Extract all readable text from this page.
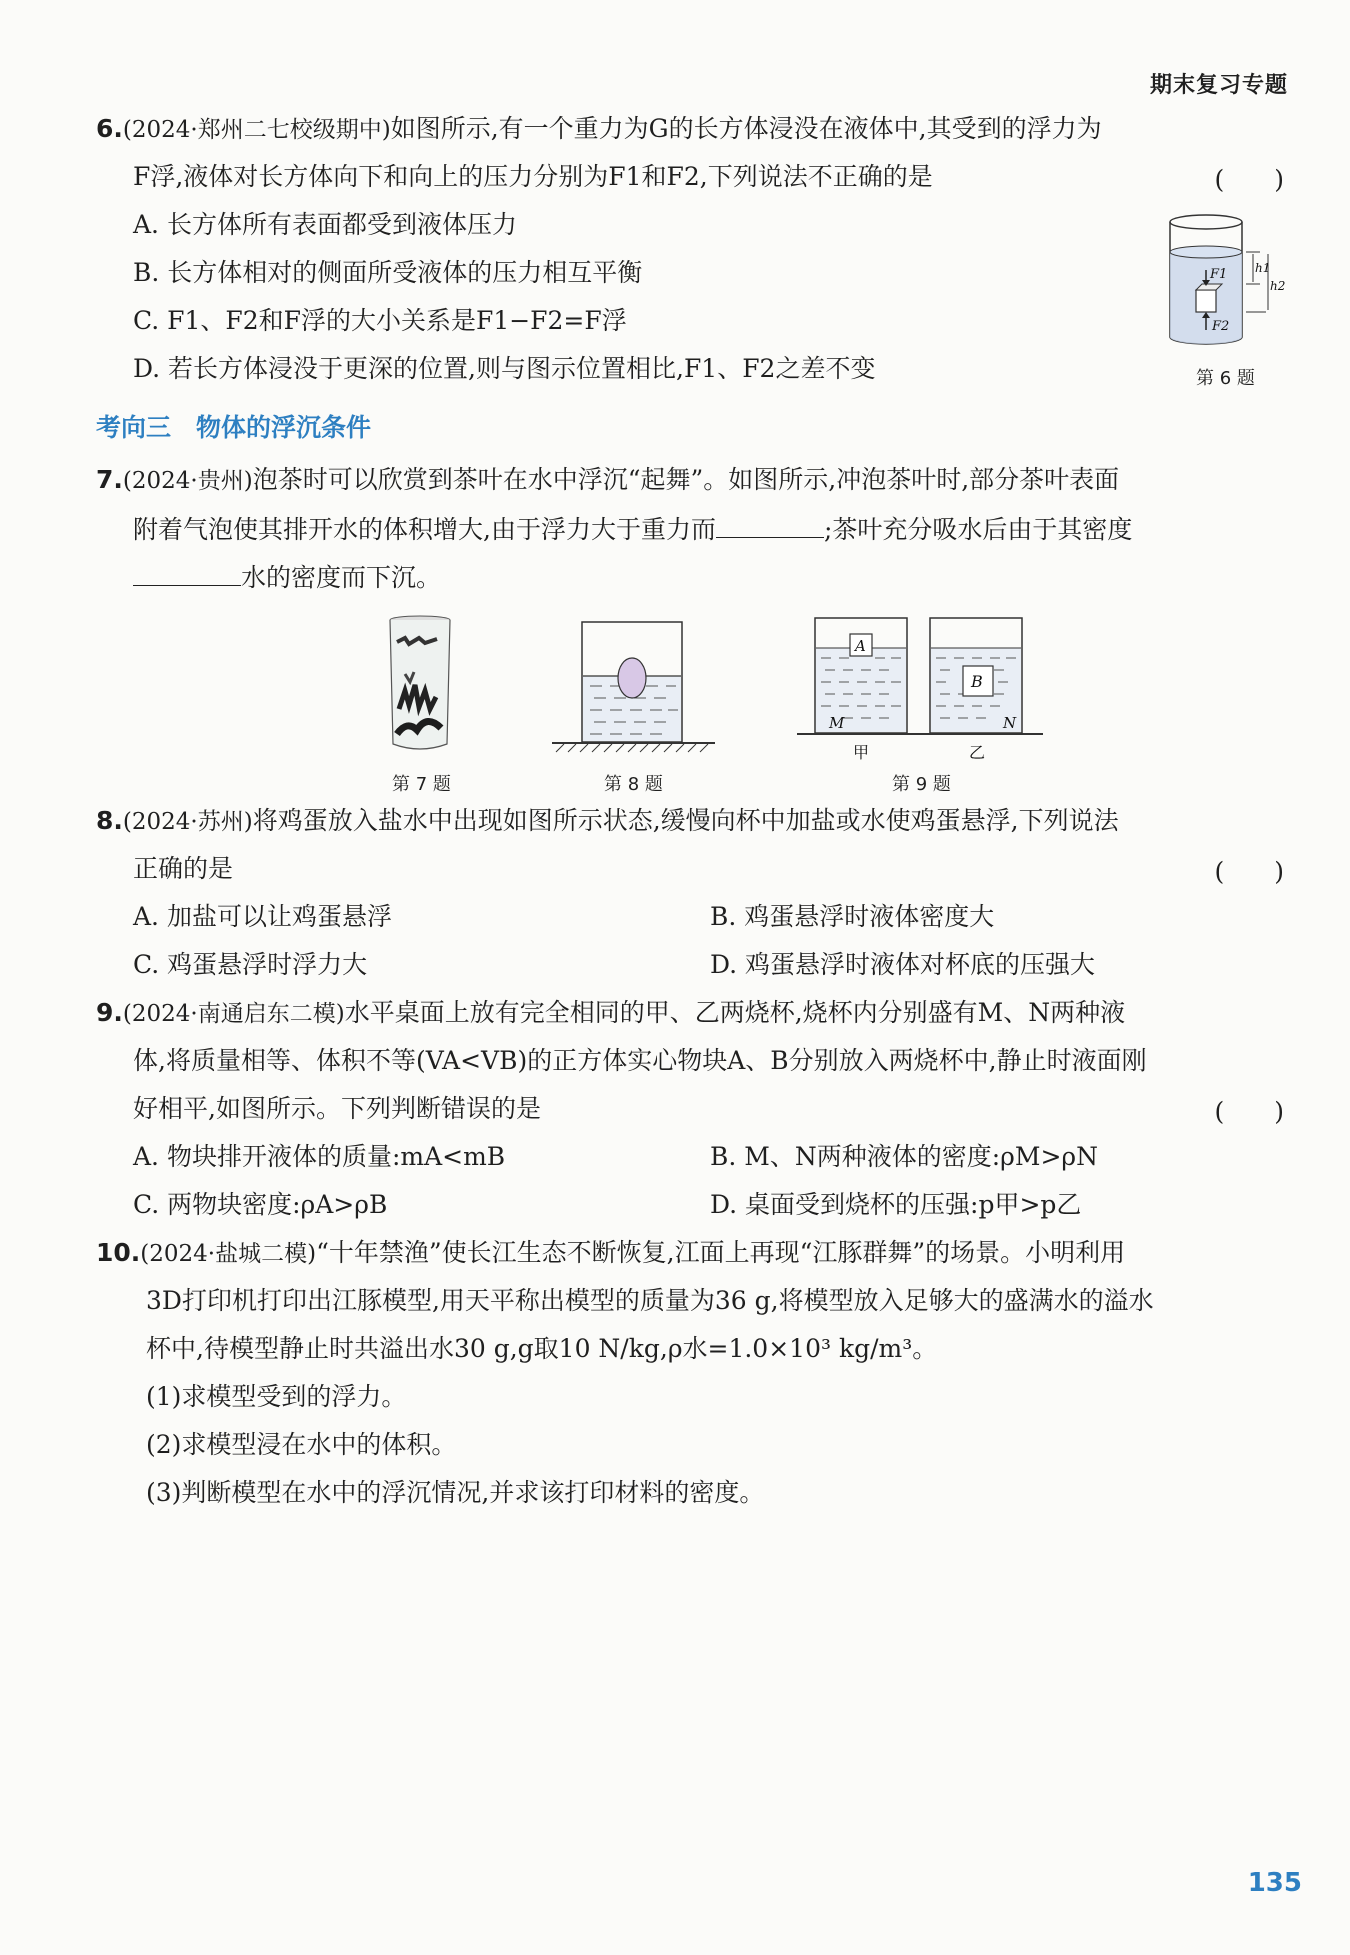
期末复习专题
6.(2024·郑州二七校级期中)如图所示,有一个重力为G的长方体浸没在液体中,其受到的浮力为
F浮,液体对长方体向下和向上的压力分别为F1和F2,下列说法不正确的是	(　　)
A. 长方体所有表面都受到液体压力
B. 长方体相对的侧面所受液体的压力相互平衡
C. F1、F2和F浮的大小关系是F1−F2=F浮
D. 若长方体浸没于更深的位置,则与图示位置相比,F1、F2之差不变
F1
F2
h1
h2
第 6 题
考向三　物体的浮沉条件
7.(2024·贵州)泡茶时可以欣赏到茶叶在水中浮沉“起舞”。如图所示,冲泡茶叶时,部分茶叶表面
附着气泡使其排开水的体积增大,由于浮力大于重力而	;茶叶充分吸水后由于其密度
水的密度而下沉。
第 7 题	第 8 题
A
B
M	N
甲	乙
第 9 题
8.(2024·苏州)将鸡蛋放入盐水中出现如图所示状态,缓慢向杯中加盐或水使鸡蛋悬浮,下列说法
正确的是	(　　)
A. 加盐可以让鸡蛋悬浮	B. 鸡蛋悬浮时液体密度大
C. 鸡蛋悬浮时浮力大	D. 鸡蛋悬浮时液体对杯底的压强大
9.(2024·南通启东二模)水平桌面上放有完全相同的甲、乙两烧杯,烧杯内分别盛有M、N两种液
体,将质量相等、体积不等(VA<VB)的正方体实心物块A、B分别放入两烧杯中,静止时液面刚
好相平,如图所示。下列判断错误的是	(　　)
A. 物块排开液体的质量:mA<mB	B. M、N两种液体的密度:ρM>ρN
C. 两物块密度:ρA>ρB	D. 桌面受到烧杯的压强:p甲>p乙
10.(2024·盐城二模)“十年禁渔”使长江生态不断恢复,江面上再现“江豚群舞”的场景。小明利用
3D打印机打印出江豚模型,用天平称出模型的质量为36 g,将模型放入足够大的盛满水的溢水
杯中,待模型静止时共溢出水30 g,g取10 N/kg,ρ水=1.0×10³ kg/m³。
(1)求模型受到的浮力。
(2)求模型浸在水中的体积。
(3)判断模型在水中的浮沉情况,并求该打印材料的密度。
135
